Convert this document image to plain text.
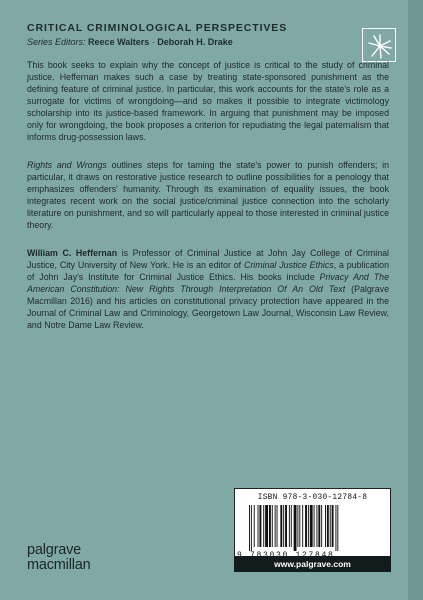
CRITICAL CRIMINOLOGICAL PERSPECTIVES

Series Editors: Reece Walters · Deborah H. Drake

This book seeks to explain why the concept of justice is critical to the study of criminal justice. Heffernan makes such a case by treating state-sponsored punishment as the defining feature of criminal justice. In particular, this work accounts for the state's role as a surrogate for victims of wrongdoing—and so makes it possible to integrate victimology scholarship into its justice-based framework. In arguing that punishment may be imposed only for wrongdoing, the book proposes a criterion for repudiating the legal paternalism that informs drug-possession laws.

Rights and Wrongs outlines steps for taming the state's power to punish offenders; in particular, it draws on restorative justice research to outline possibilities for a penology that emphasizes offenders' humanity. Through its examination of equality issues, the book integrates recent work on the social justice/criminal justice connection into the scholarly literature on punishment, and so will particularly appeal to those interested in criminal justice theory.

William C. Heffernan is Professor of Criminal Justice at John Jay College of Criminal Justice, City University of New York. He is an editor of Criminal Justice Ethics, a publication of John Jay's Institute for Criminal Justice Ethics. His books include Privacy And The American Constitution: New Rights Through Interpretation Of An Old Text (Palgrave Macmillan 2016) and his articles on constitutional privacy protection have appeared in the Journal of Criminal Law and Criminology, Georgetown Law Journal, Wisconsin Law Review, and Notre Dame Law Review.

ISBN 978-3-030-12784-8
www.palgrave.com
palgrave
macmillan
